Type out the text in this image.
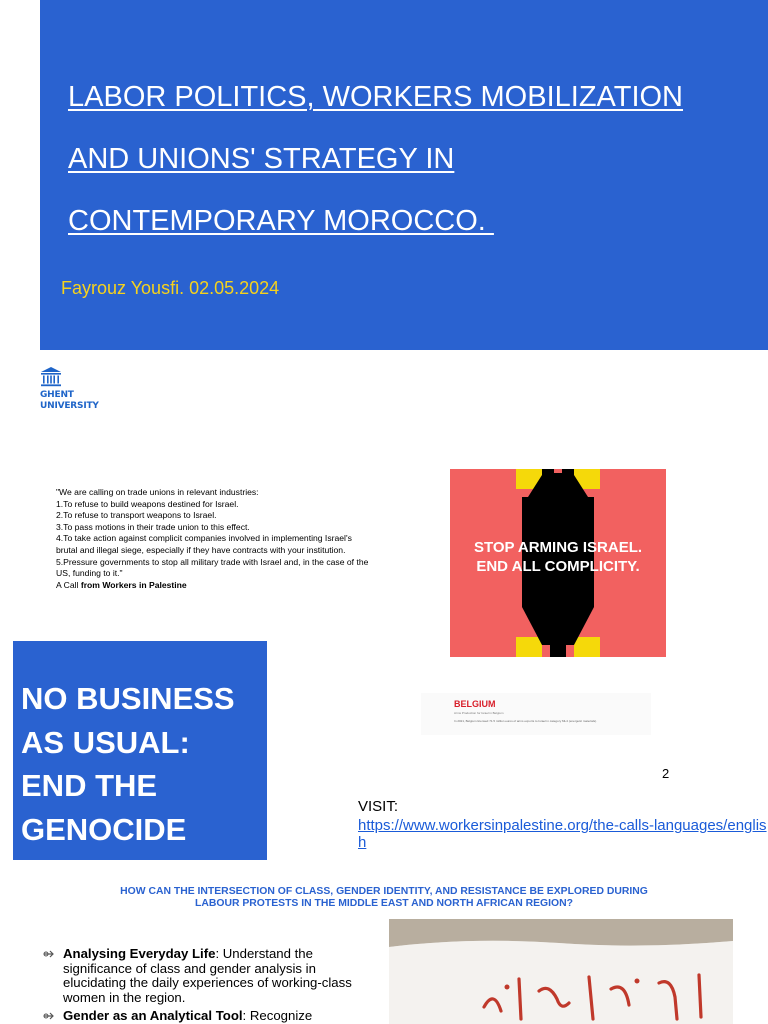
LABOR POLITICS, WORKERS MOBILIZATION
AND UNIONS' STRATEGY IN
CONTEMPORARY MOROCCO.
Fayrouz Yousfi. 02.05.2024
GHENT
UNIVERSITY
"We are calling on trade unions in relevant industries:
1.To refuse to build weapons destined for Israel.
2.To refuse to transport weapons to Israel.
3.To pass motions in their trade union to this effect.
4.To take action against complicit companies involved in implementing Israel's brutal and illegal siege, especially if they have contracts with your institution.
5.Pressure governments to stop all military trade with Israel and, in the case of the US, funding to it."
A Call from Workers in Palestine
STOP ARMING ISRAEL.
END ALL COMPLICITY.
NO BUSINESS
AS USUAL:
END THE
GENOCIDE
BELGIUM
Arms Production for Israel in Belgium
In 2021, Belgium licensed 71.5 million euros of arms exports to Israel in category ML4 (energetic materials).
2
VISIT:
https://www.workersinpalestine.org/the-calls-languages/english
HOW CAN THE INTERSECTION OF CLASS, GENDER IDENTITY, AND RESISTANCE BE EXPLORED DURING LABOUR PROTESTS IN THE MIDDLE EAST AND NORTH AFRICAN REGION?
Analysing Everyday Life: Understand the significance of class and gender analysis in elucidating the daily experiences of working-class women in the region.
Gender as an Analytical Tool: Recognize
